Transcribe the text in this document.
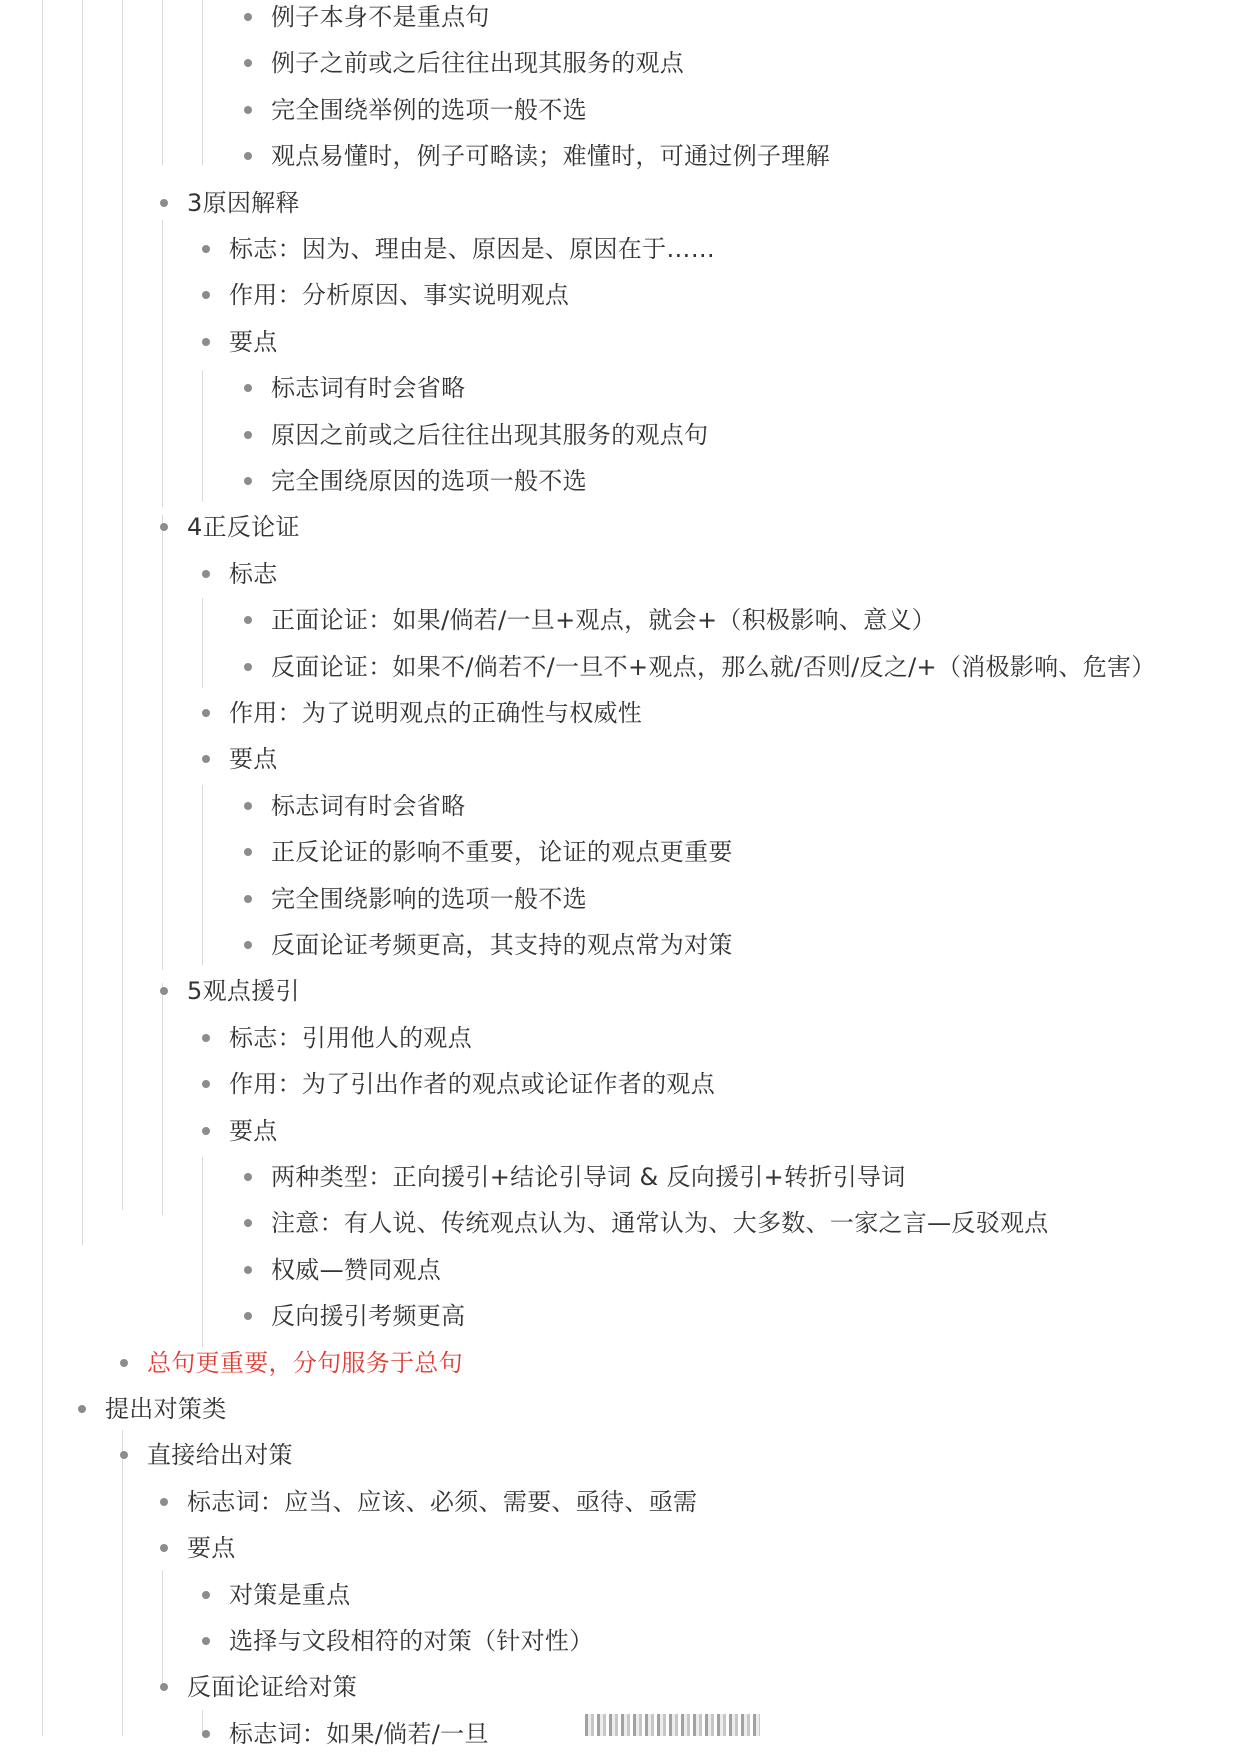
例子本身不是重点句
例子之前或之后往往出现其服务的观点
完全围绕举例的选项一般不选
观点易懂时，例子可略读；难懂时，可通过例子理解
3原因解释
标志：因为、理由是、原因是、原因在于……
作用：分析原因、事实说明观点
要点
标志词有时会省略
原因之前或之后往往出现其服务的观点句
完全围绕原因的选项一般不选
4正反论证
标志
正面论证：如果/倘若/一旦+观点，就会+（积极影响、意义）
反面论证：如果不/倘若不/一旦不+观点，那么就/否则/反之/+（消极影响、危害）
作用：为了说明观点的正确性与权威性
要点
标志词有时会省略
正反论证的影响不重要，论证的观点更重要
完全围绕影响的选项一般不选
反面论证考频更高，其支持的观点常为对策
5观点援引
标志：引用他人的观点
作用：为了引出作者的观点或论证作者的观点
要点
两种类型：正向援引+结论引导词 & 反向援引+转折引导词
注意：有人说、传统观点认为、通常认为、大多数、一家之言—反驳观点
权威—赞同观点
反向援引考频更高
总句更重要，分句服务于总句
提出对策类
直接给出对策
标志词：应当、应该、必须、需要、亟待、亟需
要点
对策是重点
选择与文段相符的对策（针对性）
反面论证给对策
标志词：如果/倘若/一旦
